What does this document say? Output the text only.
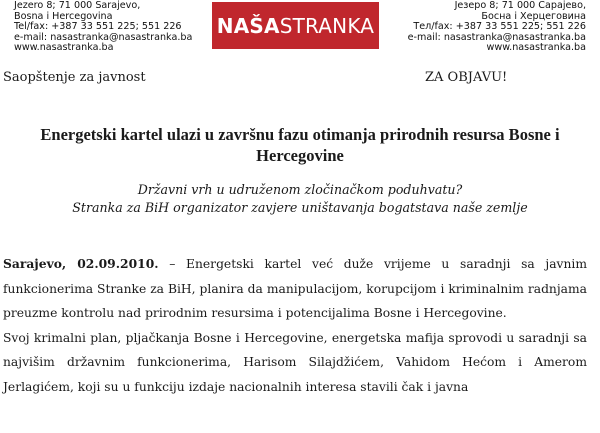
Jezero 8; 71 000 Sarajevo,
Bosna i Hercegovina
Tel/fax: +387 33 551 225; 551 226
e-mail: nasastranka@nasastranka.ba
www.nasastranka.ba
NAŠASTRANKA
Језеро 8; 71 000 Сарајево,
Босна і Херцеговина
Тел/fax: +387 33 551 225; 551 226
e-mail: nasastranka@nasastranka.ba
www.nasastranka.ba
Saopštenje za javnost	ZA OBJAVU!
Energetski kartel ulazi u završnu fazu otimanja prirodnih resursa Bosne i Hercegovine
Državni vrh u udruženom zločinačkom poduhvatu?
Stranka za BiH organizator zavjere uništavanja bogatstava naše zemlje

Sarajevo, 02.09.2010. – Energetski kartel već duže vrijeme u saradnji sa javnim funkcionerima Stranke za BiH, planira da manipulacijom, korupcijom i kriminalnim radnjama preuzme kontrolu nad prirodnim resursima i potencijalima Bosne i Hercegovine.

Svoj krimalni plan, pljačkanja Bosne i Hercegovine, energetska mafija sprovodi u saradnji sa najvišim državnim funkcionerima, Harisom Silajdžićem, Vahidom Hećom i Amerom Jerlagićem, koji su u funkciju izdaje nacionalnih interesa stavili čak i javna
